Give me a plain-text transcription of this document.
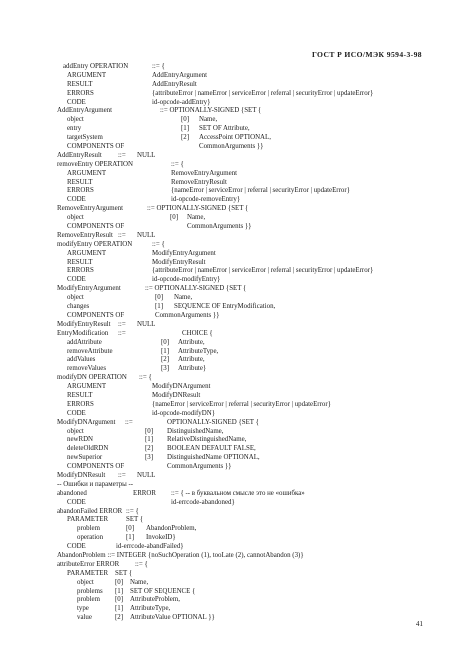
ГОСТ Р ИСО/МЭК 9594-3-98
addEntry OPERATION	::= {
ARGUMENT	AddEntryArgument
RESULT	AddEntryResult
ERRORS	{attributeError | nameError | serviceError | referral | securityError | updateError}
CODE	id-opcode-addEntry}
AddEntryArgument	::= OPTIONALLY-SIGNED {SET {
object	[0] Name,
entry	[1] SET OF Attribute,
targetSystem	[2] AccessPoint OPTIONAL,
COMPONENTS OF	CommonArguments }}
AddEntryResult ::= NULL
removeEntry OPERATION	::= {
ARGUMENT	RemoveEntryArgument
RESULT	RemoveEntryResult
ERRORS	{nameError | serviceError | referral | securityError | updateError}
CODE	id-opcode-removeEntry}
RemoveEntryArgument	::= OPTIONALLY-SIGNED {SET {
object	[0] Name,
COMPONENTS OF	CommonArguments }}
RemoveEntryResult ::= NULL
modifyEntry OPERATION	::= {
ARGUMENT	ModifyEntryArgument
RESULT	ModifyEntryResult
ERRORS	{attributeError | nameError | serviceError | referral | securityError | updateError}
CODE	id-opcode-modifyEntry}
ModifyEntryArgument	::= OPTIONALLY-SIGNED {SET {
object	[0] Name,
changes	[1] SEQUENCE OF EntryModification,
COMPONENTS OF	CommonArguments }}
ModifyEntryResult ::= NULL
EntryModification ::=	CHOICE {
addAttribute	[0] Attribute,
removeAttribute	[1] AttributeType,
addValues	[2] Attribute,
removeValues	[3] Attribute}
modifyDN OPERATION ::= {
ARGUMENT	ModifyDNArgument
RESULT	ModifyDNResult
ERRORS	{nameError | serviceError | referral | securityError | updateError}
CODE	id-opcode-modifyDN}
ModifyDNArgument ::=	OPTIONALLY-SIGNED {SET {
object	[0] DistinguishedName,
newRDN	[1] RelativeDistinguishedName,
deleteOldRDN	[2] BOOLEAN DEFAULT FALSE,
newSuperior	[3] DistinguishedName OPTIONAL,
COMPONENTS OF	CommonArguments }}
ModifyDNResult ::= NULL
-- Ошибки и параметры --
abandoned	ERROR ::= { -- в буквальном смысле это не «ошибка»
CODE	id-errcode-abandoned}
abandonFailed ERROR ::= {
PARAMETER	SET {
problem	[0] AbandonProblem,
operation	[1] InvokeID}
CODE	id-errcode-abandFailed}
AbandonProblem ::= INTEGER {noSuchOperation (1), tooLate (2), cannotAbandon (3)}
attributeError ERROR ::= {
PARAMETER SET {
object	[0] Name,
problems [1] SET OF SEQUENCE {
problem [0] AttributeProblem,
type	[1] AttributeType,
value	[2] AttributeValue OPTIONAL }}
41
